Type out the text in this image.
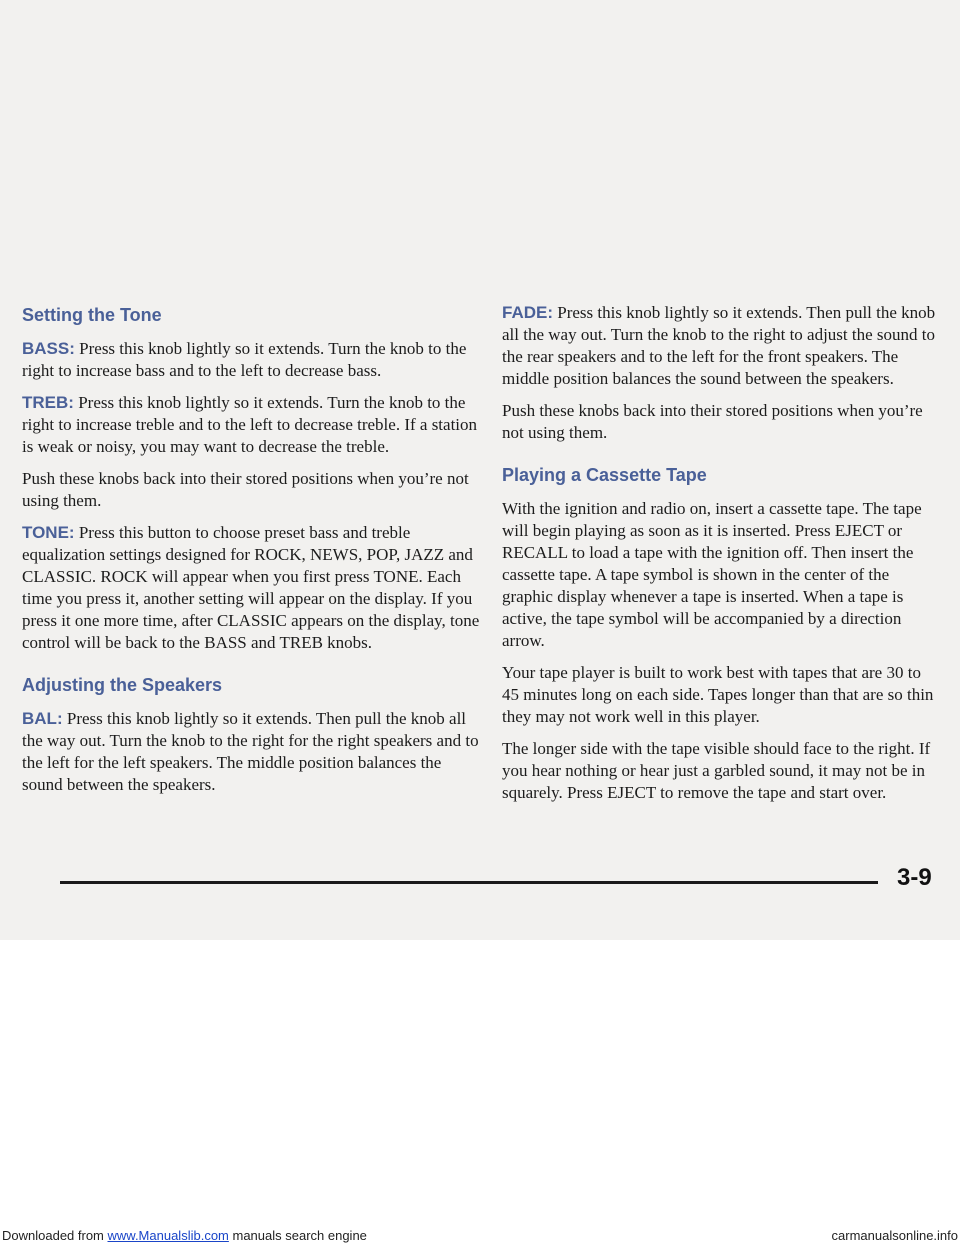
Setting the Tone

BASS: Press this knob lightly so it extends. Turn the knob to the right to increase bass and to the left to decrease bass.

TREB: Press this knob lightly so it extends. Turn the knob to the right to increase treble and to the left to decrease treble. If a station is weak or noisy, you may want to decrease the treble.

Push these knobs back into their stored positions when you’re not using them.

TONE: Press this button to choose preset bass and treble equalization settings designed for ROCK, NEWS, POP, JAZZ and CLASSIC. ROCK will appear when you first press TONE. Each time you press it, another setting will appear on the display. If you press it one more time, after CLASSIC appears on the display, tone control will be back to the BASS and TREB knobs.

Adjusting the Speakers

BAL: Press this knob lightly so it extends. Then pull the knob all the way out. Turn the knob to the right for the right speakers and to the left for the left speakers. The middle position balances the sound between the speakers.

FADE: Press this knob lightly so it extends. Then pull the knob all the way out. Turn the knob to the right to adjust the sound to the rear speakers and to the left for the front speakers. The middle position balances the sound between the speakers.

Push these knobs back into their stored positions when you’re not using them.

Playing a Cassette Tape

With the ignition and radio on, insert a cassette tape. The tape will begin playing as soon as it is inserted. Press EJECT or RECALL to load a tape with the ignition off. Then insert the cassette tape. A tape symbol is shown in the center of the graphic display whenever a tape is inserted. When a tape is active, the tape symbol will be accompanied by a direction arrow.

Your tape player is built to work best with tapes that are 30 to 45 minutes long on each side. Tapes longer than that are so thin they may not work well in this player.

The longer side with the tape visible should face to the right. If you hear nothing or hear just a garbled sound, it may not be in squarely. Press EJECT to remove the tape and start over.

3-9
Downloaded from www.Manualslib.com manuals search engine	carmanualsonline.info
